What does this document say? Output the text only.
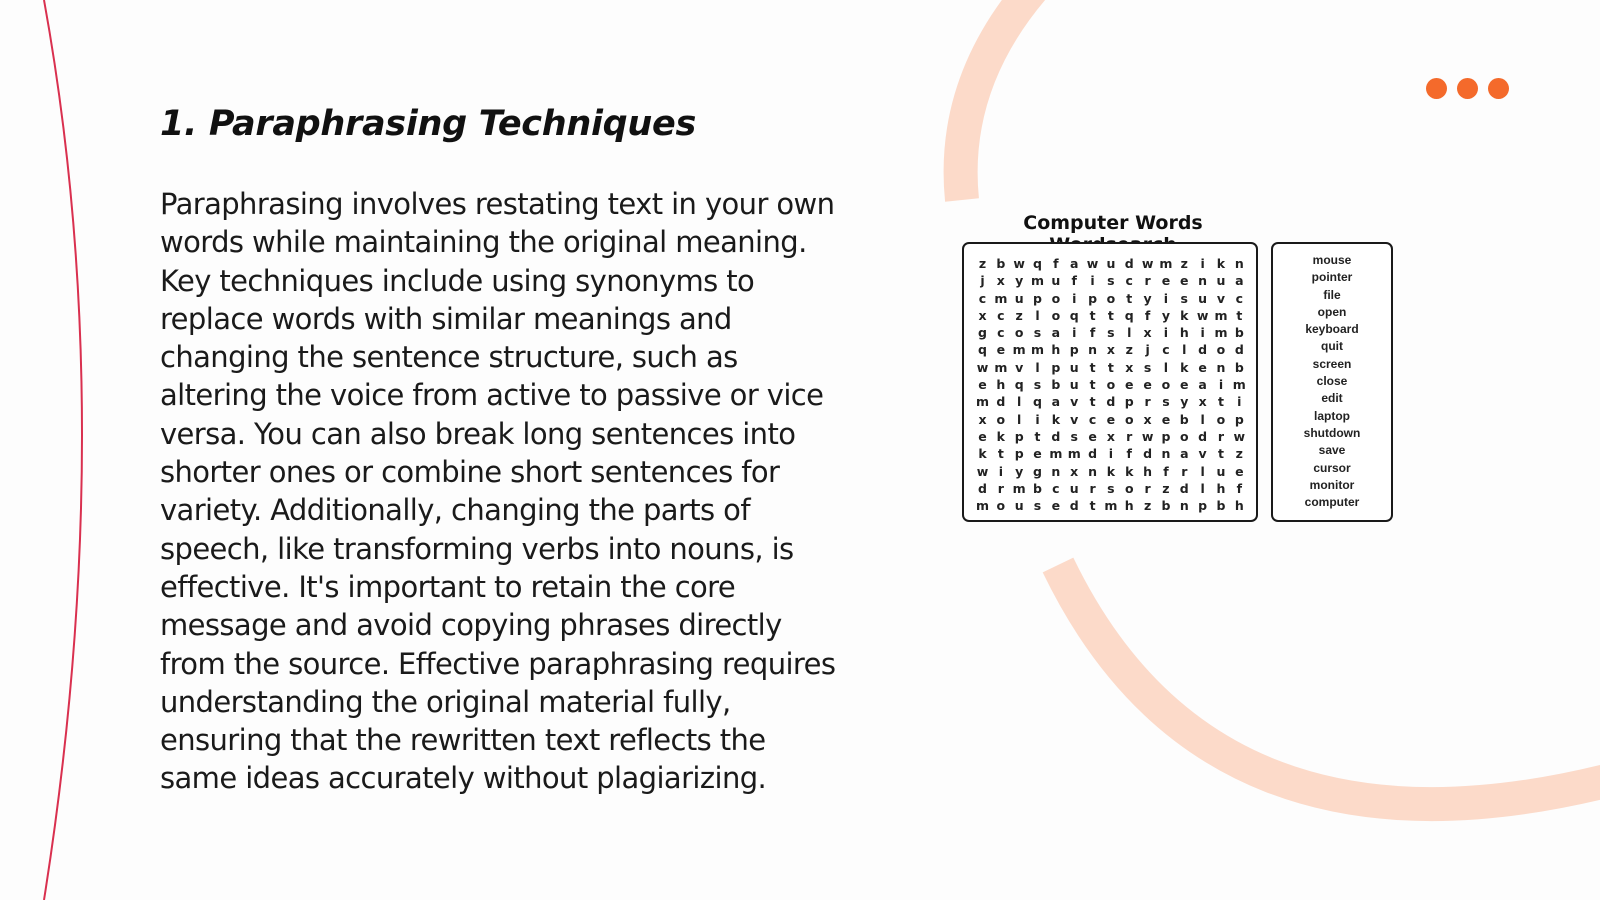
1. Paraphrasing Techniques

Paraphrasing involves restating text in your own words while maintaining the original meaning. Key techniques include using synonyms to replace words with similar meanings and changing the sentence structure, such as altering the voice from active to passive or vice versa. You can also break long sentences into shorter ones or combine short sentences for variety. Additionally, changing the parts of speech, like transforming verbs into nouns, is effective. It's important to retain the core message and avoid copying phrases directly from the source. Effective paraphrasing requires understanding the original material fully, ensuring that the rewritten text reflects the same ideas accurately without plagiarizing.

Computer Words
z b w q f a w u d w m z	i k n
j x y m u f	i s c r e e n u a
c m u p o i p o t y i s u v c
x c z	l o q t t q f y k w m t
g c o s a i	f s l x i h i m b
q e m m h p n x z	j c l d o d
w m v l p u t t x s l k e n b
e h q s b u t o e e o e a i m
m d l q a v t d p r s y x t	i
x o l	i k v c e o x e b l o p
e k p t d s e x r w p o d r w
k t p e m m d i	f d n a v t z
w i y g n x n k k h f	r	l u e
d r m b c u r s o r z d l h f
m o u s e d t m h z b n p b h
mouse
pointer
file
open
keyboard
quit
screen
close
edit
laptop
shutdown
save
cursor
monitor
computer
